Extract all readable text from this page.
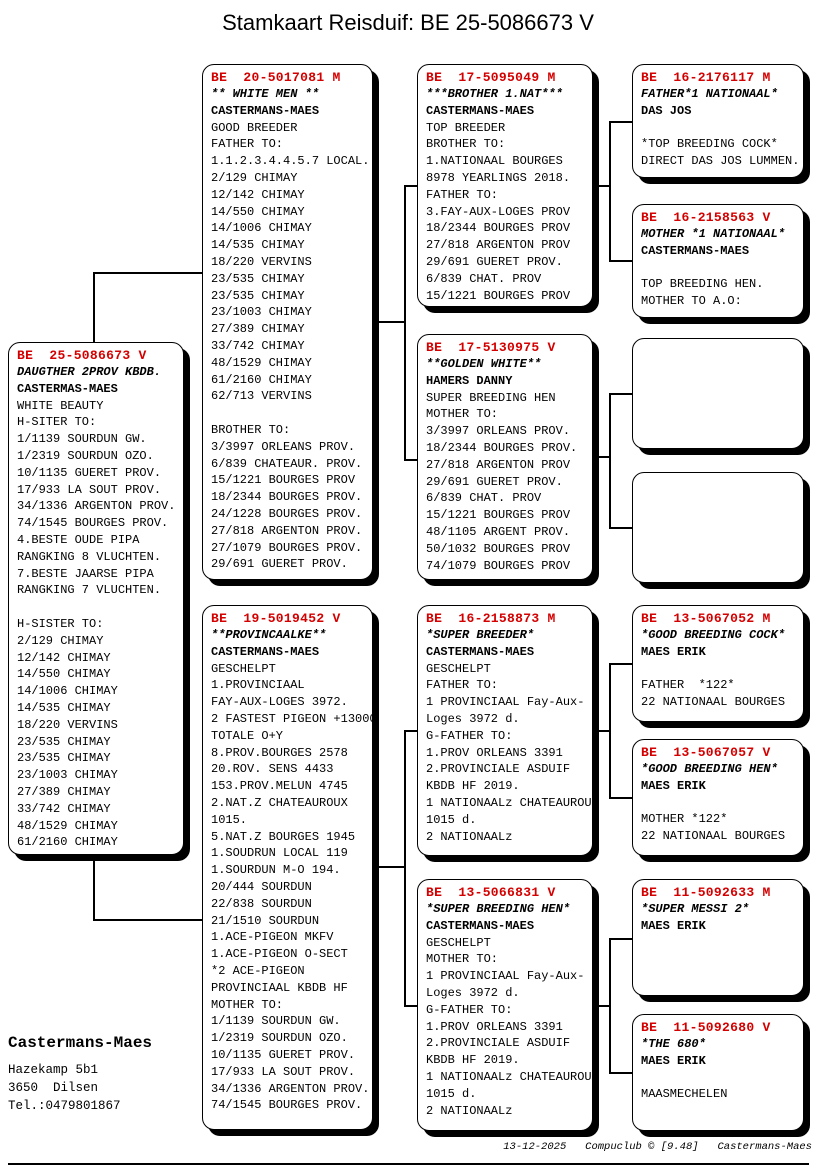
Stamkaart Reisduif: BE 25-5086673 V
BE  25-5086673 V
DAUGTHER 2PROV KBDB.
CASTERMAS-MAES
WHITE BEAUTY
H-SITER TO:
1/1139 SOURDUN GW.
1/2319 SOURDUN OZO.
10/1135 GUERET PROV.
17/933 LA SOUT PROV.
34/1336 ARGENTON PROV.
74/1545 BOURGES PROV.
4.BESTE OUDE PIPA
RANGKING 8 VLUCHTEN.
7.BESTE JAARSE PIPA
RANGKING 7 VLUCHTEN.

H-SISTER TO:
2/129 CHIMAY
12/142 CHIMAY
14/550 CHIMAY
14/1006 CHIMAY
14/535 CHIMAY
18/220 VERVINS
23/535 CHIMAY
23/535 CHIMAY
23/1003 CHIMAY
27/389 CHIMAY
33/742 CHIMAY
48/1529 CHIMAY
61/2160 CHIMAY
BE  20-5017081 M
** WHITE MEN **
CASTERMANS-MAES
GOOD BREEDER
FATHER TO:
1.1.2.3.4.4.5.7 LOCAL.
2/129 CHIMAY
12/142 CHIMAY
14/550 CHIMAY
14/1006 CHIMAY
14/535 CHIMAY
18/220 VERVINS
23/535 CHIMAY
23/535 CHIMAY
23/1003 CHIMAY
27/389 CHIMAY
33/742 CHIMAY
48/1529 CHIMAY
61/2160 CHIMAY
62/713 VERVINS

BROTHER TO:
3/3997 ORLEANS PROV.
6/839 CHATEAUR. PROV.
15/1221 BOURGES PROV
18/2344 BOURGES PROV.
24/1228 BOURGES PROV.
27/818 ARGENTON PROV.
27/1079 BOURGES PROV.
29/691 GUERET PROV.
BE  19-5019452 V
**PROVINCAALKE**
CASTERMANS-MAES
GESCHELPT
1.PROVINCIAAL
FAY-AUX-LOGES 3972.
2 FASTEST PIGEON +13000
TOTALE O+Y
8.PROV.BOURGES 2578
20.ROV. SENS 4433
153.PROV.MELUN 4745
2.NAT.Z CHATEAUROUX
1015.
5.NAT.Z BOURGES 1945
1.SOUDRUN LOCAL 119
1.SOURDUN M-O 194.
20/444 SOURDUN
22/838 SOURDUN
21/1510 SOURDUN
1.ACE-PIGEON MKFV
1.ACE-PIGEON O-SECT
*2 ACE-PIGEON
PROVINCIAAL KBDB HF
MOTHER TO:
1/1139 SOURDUN GW.
1/2319 SOURDUN OZO.
10/1135 GUERET PROV.
17/933 LA SOUT PROV.
34/1336 ARGENTON PROV.
74/1545 BOURGES PROV.
BE  17-5095049 M
***BROTHER 1.NAT***
CASTERMANS-MAES
TOP BREEDER
BROTHER TO:
1.NATIONAAL BOURGES
8978 YEARLINGS 2018.
FATHER TO:
3.FAY-AUX-LOGES PROV
18/2344 BOURGES PROV
27/818 ARGENTON PROV
29/691 GUERET PROV.
6/839 CHAT. PROV
15/1221 BOURGES PROV
BE  17-5130975 V
**GOLDEN WHITE**
HAMERS DANNY
SUPER BREEDING HEN
MOTHER TO:
3/3997 ORLEANS PROV.
18/2344 BOURGES PROV.
27/818 ARGENTON PROV
29/691 GUERET PROV.
6/839 CHAT. PROV
15/1221 BOURGES PROV
48/1105 ARGENT PROV.
50/1032 BOURGES PROV
74/1079 BOURGES PROV
BE  16-2158873 M
*SUPER BREEDER*
CASTERMANS-MAES
GESCHELPT
FATHER TO:
1 PROVINCIAAL Fay-Aux-
Loges 3972 d.
G-FATHER TO:
1.PROV ORLEANS 3391
2.PROVINCIALE ASDUIF
KBDB HF 2019.
1 NATIONAALz CHATEAUROUX
1015 d.
2 NATIONAALz
BE  13-5066831 V
*SUPER BREEDING HEN*
CASTERMANS-MAES
GESCHELPT
MOTHER TO:
1 PROVINCIAAL Fay-Aux-
Loges 3972 d.
G-FATHER TO:
1.PROV ORLEANS 3391
2.PROVINCIALE ASDUIF
KBDB HF 2019.
1 NATIONAALz CHATEAUROUX
1015 d.
2 NATIONAALz
BE  16-2176117 M
FATHER*1 NATIONAAL*
DAS JOS

*TOP BREEDING COCK*
DIRECT DAS JOS LUMMEN.
BE  16-2158563 V
MOTHER *1 NATIONAAL*
CASTERMANS-MAES

TOP BREEDING HEN.
MOTHER TO A.O:
BE  13-5067052 M
*GOOD BREEDING COCK*
MAES ERIK

FATHER  *122*
22 NATIONAAL BOURGES
BE  13-5067057 V
*GOOD BREEDING HEN*
MAES ERIK

MOTHER *122*
22 NATIONAAL BOURGES
BE  11-5092633 M
*SUPER MESSI 2*
MAES ERIK
BE  11-5092680 V
*THE 680*
MAES ERIK

MAASMECHELEN
Castermans-Maes
Hazekamp 5b1
3650  Dilsen
Tel.:0479801867
13-12-2025   Compuclub © [9.48]   Castermans-Maes
